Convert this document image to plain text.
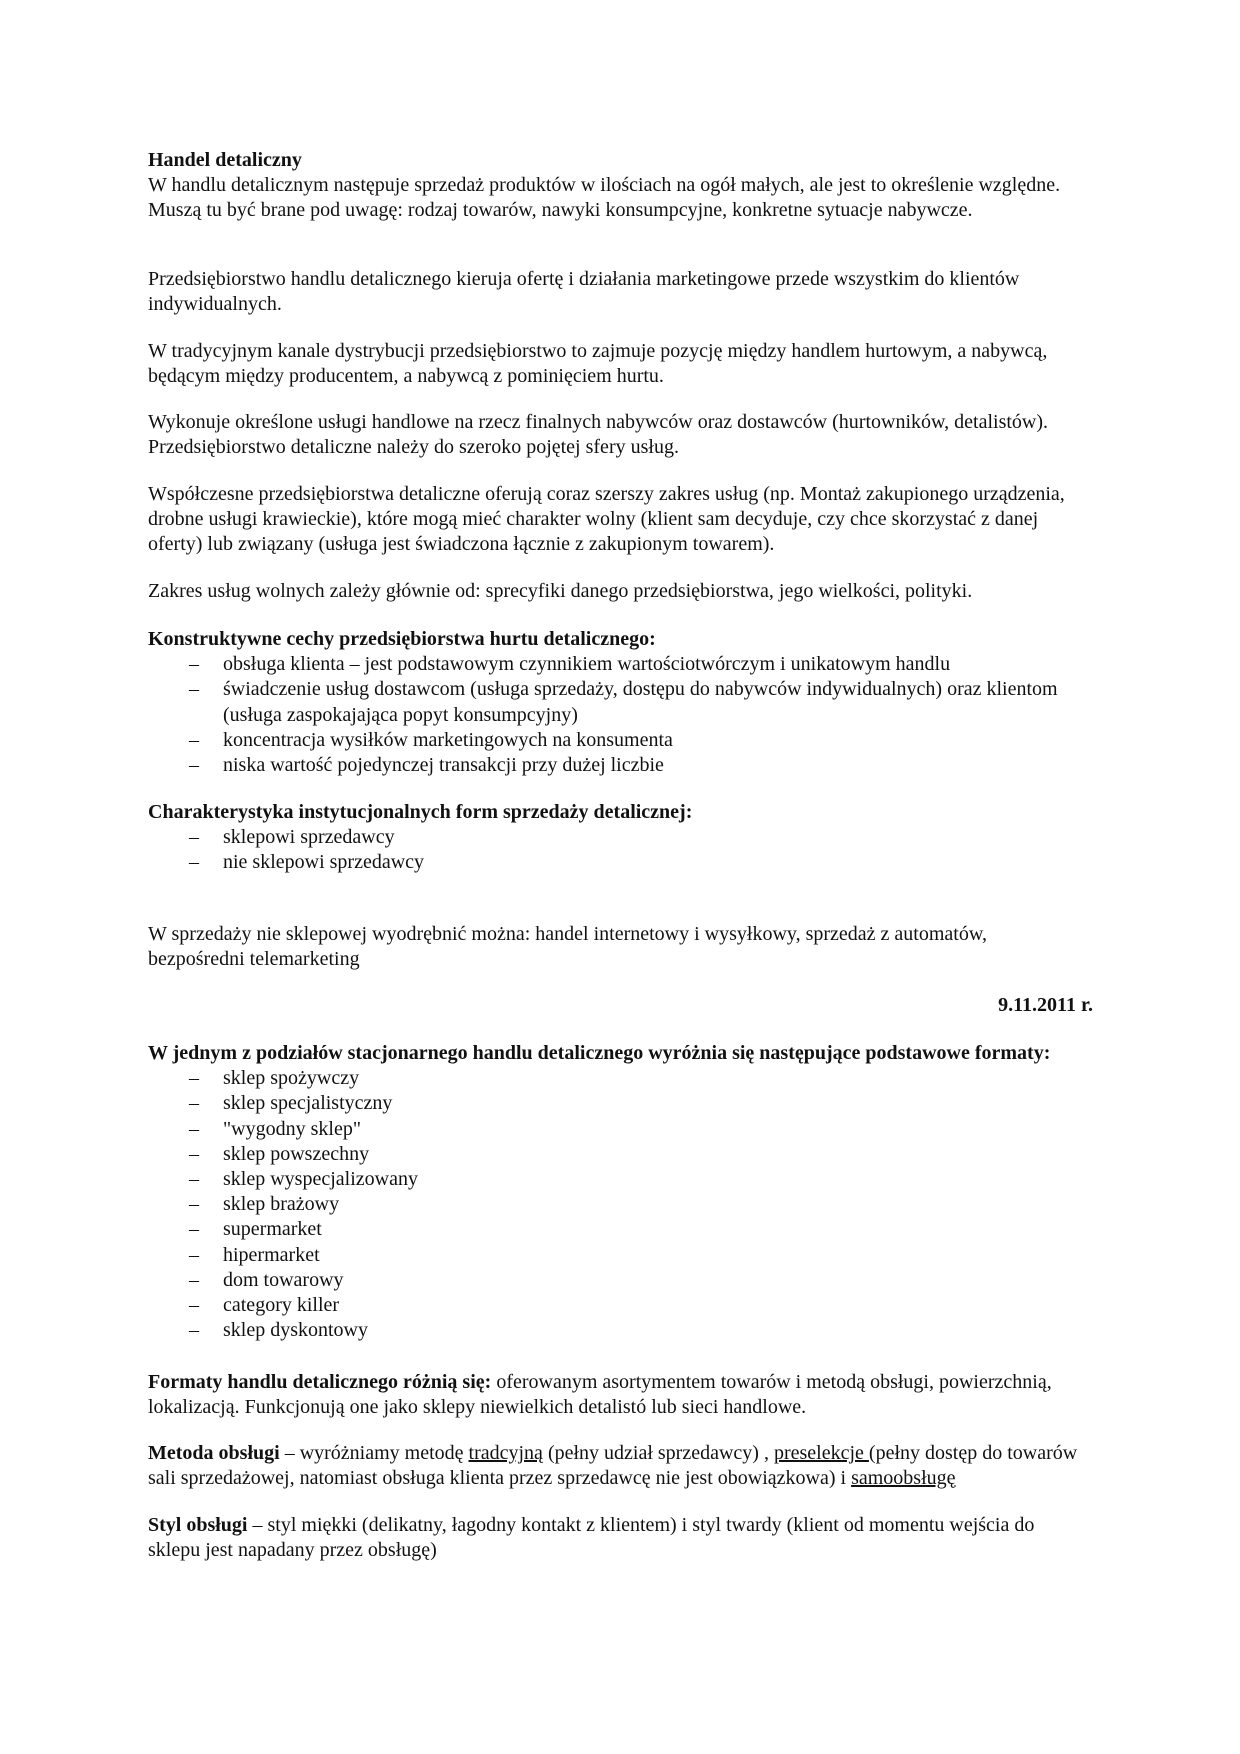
Handel detaliczny

W handlu detalicznym następuje sprzedaż produktów w ilościach na ogół małych, ale jest to określenie względne. Muszą tu być brane pod uwagę: rodzaj towarów, nawyki konsumpcyjne, konkretne sytuacje nabywcze.

Przedsiębiorstwo handlu detalicznego kieruja ofertę i działania marketingowe przede wszystkim do klientów indywidualnych.

W tradycyjnym kanale dystrybucji przedsiębiorstwo to zajmuje pozycję między handlem hurtowym, a nabywcą, będącym między producentem, a nabywcą z pominięciem hurtu.

Wykonuje określone usługi handlowe na rzecz finalnych nabywców oraz dostawców (hurtowników, detalistów). Przedsiębiorstwo detaliczne należy do szeroko pojętej sfery usług.

Współczesne przedsiębiorstwa detaliczne oferują coraz szerszy zakres usług (np. Montaż zakupionego urządzenia, drobne usługi krawieckie), które mogą mieć charakter wolny (klient sam decyduje, czy chce skorzystać z danej oferty) lub związany (usługa jest świadczona łącznie z zakupionym towarem).

Zakres usług wolnych zależy głównie od: sprecyfiki danego przedsiębiorstwa, jego wielkości, polityki.

Konstruktywne cechy przedsiębiorstwa hurtu detalicznego:

– obsługa klienta – jest podstawowym czynnikiem wartościotwórczym i unikatowym handlu
– świadczenie usług dostawcom (usługa sprzedaży, dostępu do nabywców indywidualnych) oraz klientom (usługa zaspokajająca popyt konsumpcyjny)
– koncentracja wysiłków marketingowych na konsumenta
– niska wartość pojedynczej transakcji przy dużej liczbie

Charakterystyka instytucjonalnych form sprzedaży detalicznej:

– sklepowi sprzedawcy
– nie sklepowi sprzedawcy

W sprzedaży nie sklepowej wyodrębnić można: handel internetowy i wysyłkowy, sprzedaż z automatów, bezpośredni telemarketing

9.11.2011 r.

W jednym z podziałów stacjonarnego handlu detalicznego wyróżnia się następujące podstawowe formaty:

– sklep spożywczy
– sklep specjalistyczny
– "wygodny sklep"
– sklep powszechny
– sklep wyspecjalizowany
– sklep brażowy
– supermarket
– hipermarket
– dom towarowy
– category killer
– sklep dyskontowy

Formaty handlu detalicznego różnią się: oferowanym asortymentem towarów i metodą obsługi, powierzchnią, lokalizacją. Funkcjonują one jako sklepy niewielkich detalistó lub sieci handlowe.

Metoda obsługi – wyróżniamy metodę tradcyjną (pełny udział sprzedawcy) , preselekcje (pełny dostęp do towarów sali sprzedażowej, natomiast obsługa klienta przez sprzedawcę nie jest obowiązkowa) i samoobsługę

Styl obsługi – styl miękki (delikatny, łagodny kontakt z klientem) i styl twardy (klient od momentu wejścia do sklepu jest napadany przez obsługę)
